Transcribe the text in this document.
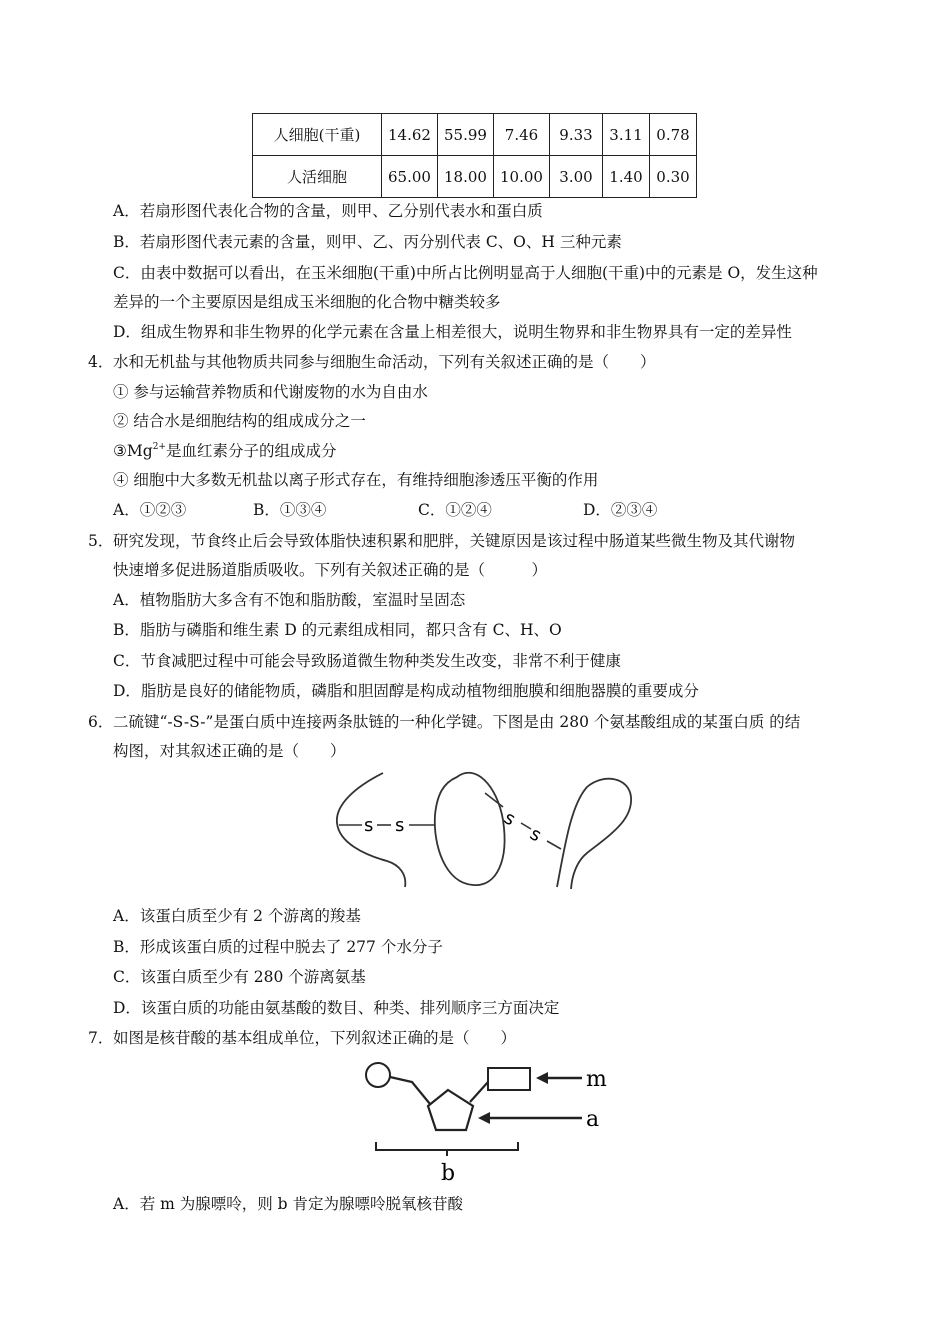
人细胞(干重)	14.62	55.99	7.46	9.33	3.11	0.78
人活细胞	65.00	18.00	10.00	3.00	1.40	0.30
A．若扇形图代表化合物的含量，则甲、乙分别代表水和蛋白质
B．若扇形图代表元素的含量，则甲、乙、丙分别代表 C、O、H 三种元素
C．由表中数据可以看出，在玉米细胞(干重)中所占比例明显高于人细胞(干重)中的元素是 O，发生这种
差异的一个主要原因是组成玉米细胞的化合物中糖类较多
D．组成生物界和非生物界的化学元素在含量上相差很大，说明生物界和非生物界具有一定的差异性
4． 水和无机盐与其他物质共同参与细胞生命活动，下列有关叙述正确的是（　　）
① 参与运输营养物质和代谢废物的水为自由水
② 结合水是细胞结构的组成成分之一
$③Mg^{2+}$是血红素分子的组成成分
④ 细胞中大多数无机盐以离子形式存在，有维持细胞渗透压平衡的作用
A．①②③	B．①③④	C．①②④	D．②③④
5． 研究发现，节食终止后会导致体脂快速积累和肥胖，关键原因是该过程中肠道某些微生物及其代谢物
快速增多促进肠道脂质吸收。下列有关叙述正确的是（　　　）
A．植物脂肪大多含有不饱和脂肪酸，室温时呈固态
B．脂肪与磷脂和维生素 D 的元素组成相同，都只含有 C、H、O
C．节食减肥过程中可能会导致肠道微生物种类发生改变，非常不利于健康
D．脂肪是良好的储能物质，磷脂和胆固醇是构成动植物细胞膜和细胞器膜的重要成分
6． 二硫键“-S-S-”是蛋白质中连接两条肽链的一种化学键。下图是由 280 个氨基酸组成的某蛋白质 的结
构图，对其叙述正确的是（　　）
s s	s
s
A．该蛋白质至少有 2 个游离的羧基
B．形成该蛋白质的过程中脱去了 277 个水分子
C．该蛋白质至少有 280 个游离氨基
D．该蛋白质的功能由氨基酸的数目、种类、排列顺序三方面决定
7． 如图是核苷酸的基本组成单位，下列叙述正确的是（　　）
m
a
b
A．若 m 为腺嘌呤，则 b 肯定为腺嘌呤脱氧核苷酸
